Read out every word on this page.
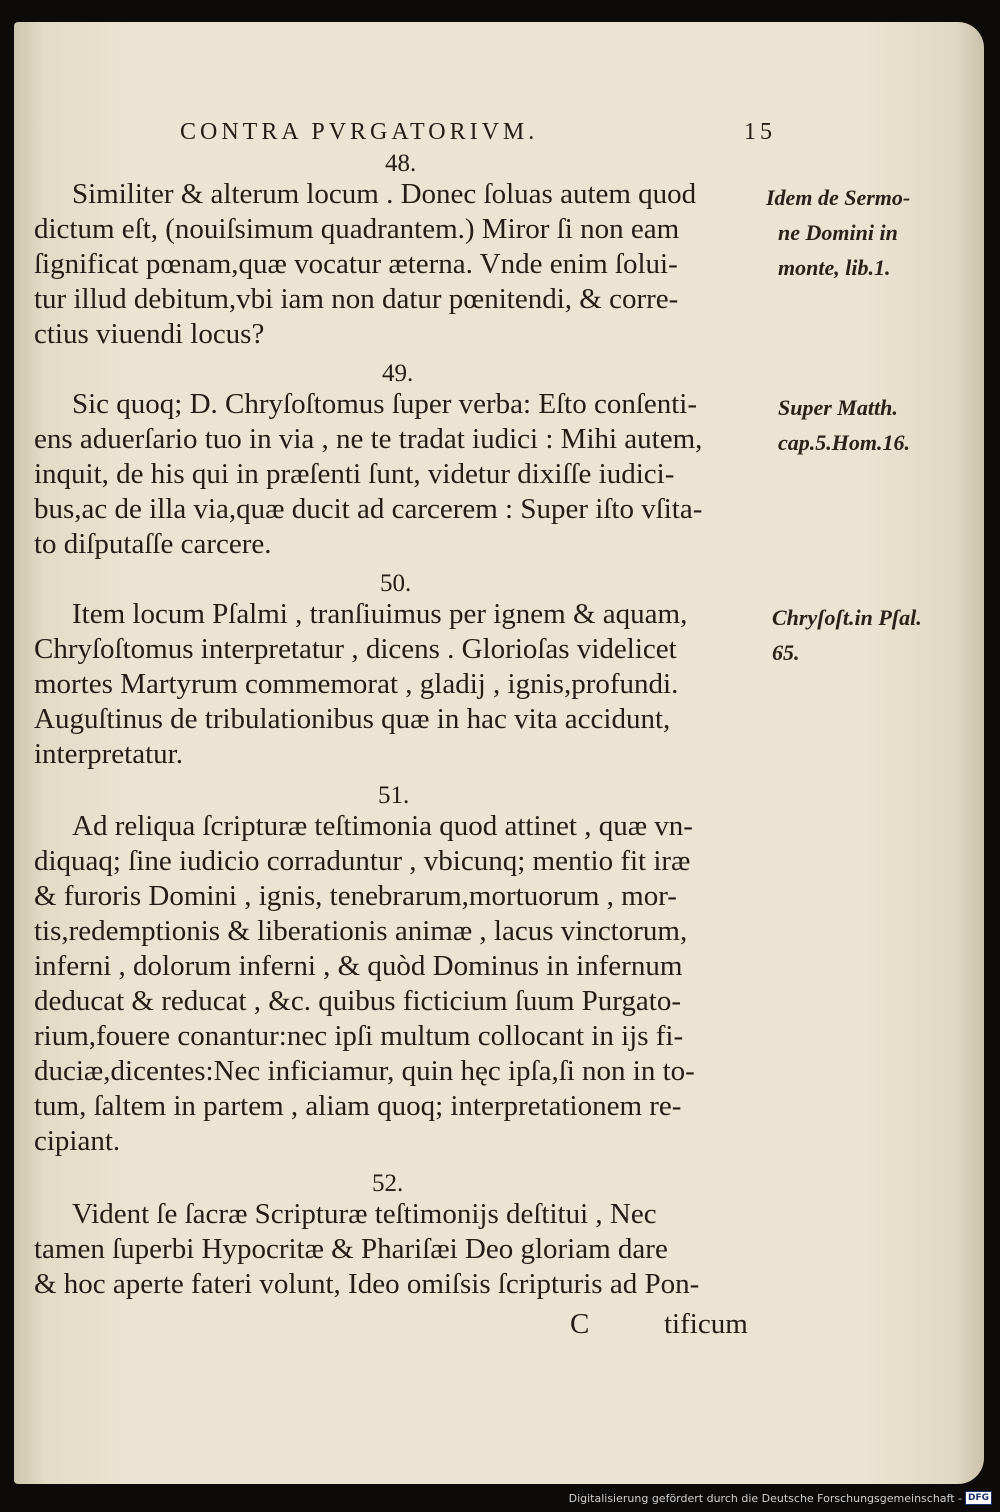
CONTRA PVRGATORIVM.	15
48.
Similiter & alterum locum . Donec ſoluas autem quod
dictum eſt, (nouiſsimum quadrantem.) Miror ſi non eam
ſignificat pœnam,quæ vocatur æterna. Vnde enim ſolui-
tur illud debitum,vbi iam non datur pœnitendi, & corre-
ctius viuendi locus?
Idem de Sermo-
ne Domini in
monte, lib.1.
49.
Sic quoq; D. Chryſoſtomus ſuper verba: Eſto conſenti-
ens aduerſario tuo in via , ne te tradat iudici : Mihi autem,
inquit, de his qui in præſenti ſunt, videtur dixiſſe iudici-
bus,ac de illa via,quæ ducit ad carcerem : Super iſto vſita-
to diſputaſſe carcere.
Super Matth.
cap.5.Hom.16.
50.
Item locum Pſalmi , tranſiuimus per ignem & aquam,
Chryſoſtomus interpretatur , dicens . Glorioſas videlicet
mortes Martyrum commemorat , gladij , ignis,profundi.
Auguſtinus de tribulationibus quæ in hac vita accidunt,
interpretatur.
Chryſoſt.in Pſal.
65.
51.
Ad reliqua ſcripturæ teſtimonia quod attinet , quæ vn-
diquaq; ſine iudicio corraduntur , vbicunq; mentio fit iræ
& furoris Domini , ignis, tenebrarum,mortuorum , mor-
tis,redemptionis & liberationis animæ , lacus vinctorum,
inferni , dolorum inferni , & quòd Dominus in infernum
deducat & reducat , &c. quibus ficticium ſuum Purgato-
rium,fouere conantur:nec ipſi multum collocant in ijs fi-
duciæ,dicentes:Nec inficiamur, quin hęc ipſa,ſi non in to-
tum, ſaltem in partem , aliam quoq; interpretationem re-
cipiant.
52.
Vident ſe ſacræ Scripturæ teſtimonijs deſtitui , Nec
tamen ſuperbi Hypocritæ & Phariſæi Deo gloriam dare
& hoc aperte fateri volunt, Ideo omiſsis ſcripturis ad Pon-
C	tificum
Digitalisierung gefördert durch die Deutsche Forschungsgemeinschaft - DFG
